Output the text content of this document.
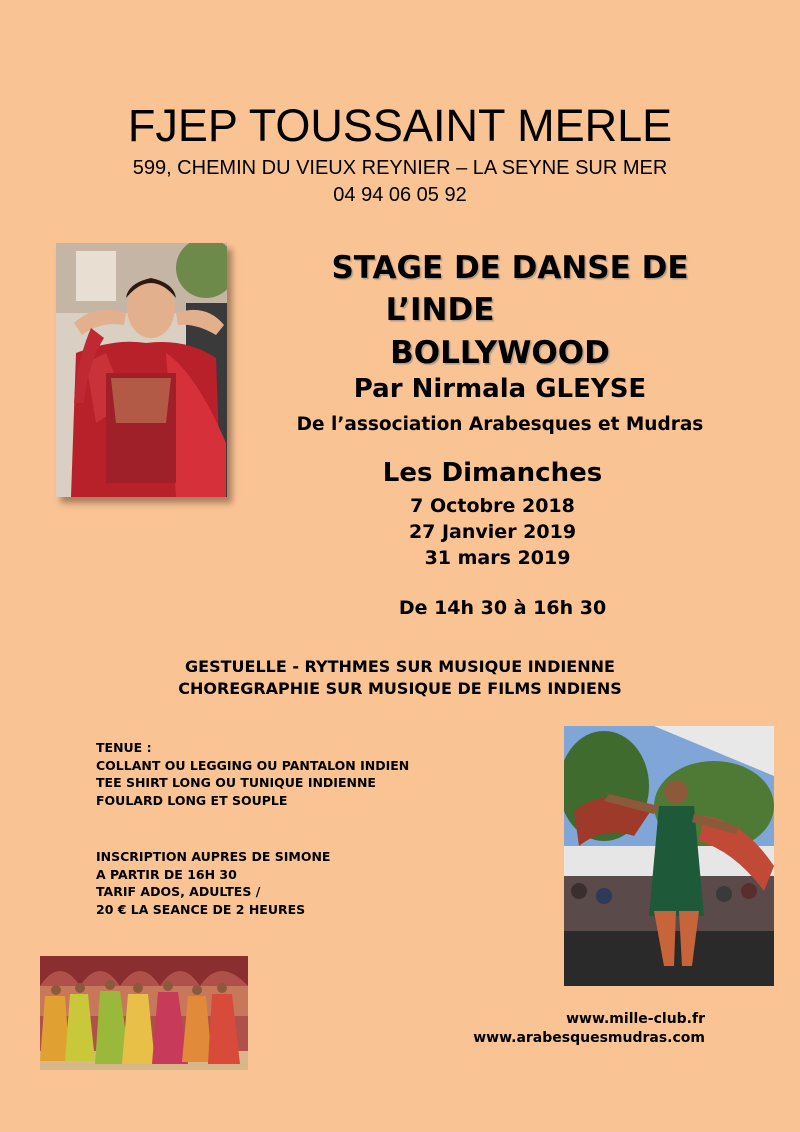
FJEP TOUSSAINT MERLE
599, CHEMIN DU VIEUX REYNIER – LA SEYNE SUR MER
04 94 06 05 92
STAGE DE DANSE DE
L’INDE
BOLLYWOOD
Par Nirmala GLEYSE
De l’association Arabesques et Mudras
Les Dimanches
7 Octobre 2018
27 Janvier 2019
31 mars 2019
De 14h 30 à 16h 30
GESTUELLE - RYTHMES SUR MUSIQUE INDIENNE
CHOREGRAPHIE SUR MUSIQUE DE FILMS INDIENS
TENUE :
COLLANT OU LEGGING OU PANTALON INDIEN
TEE SHIRT LONG OU TUNIQUE INDIENNE
FOULARD LONG ET SOUPLE
INSCRIPTION AUPRES DE SIMONE
A PARTIR DE 16H 30
TARIF ADOS, ADULTES /
20 € LA SEANCE DE 2 HEURES
www.mille-club.fr
www.arabesquesmudras.com
